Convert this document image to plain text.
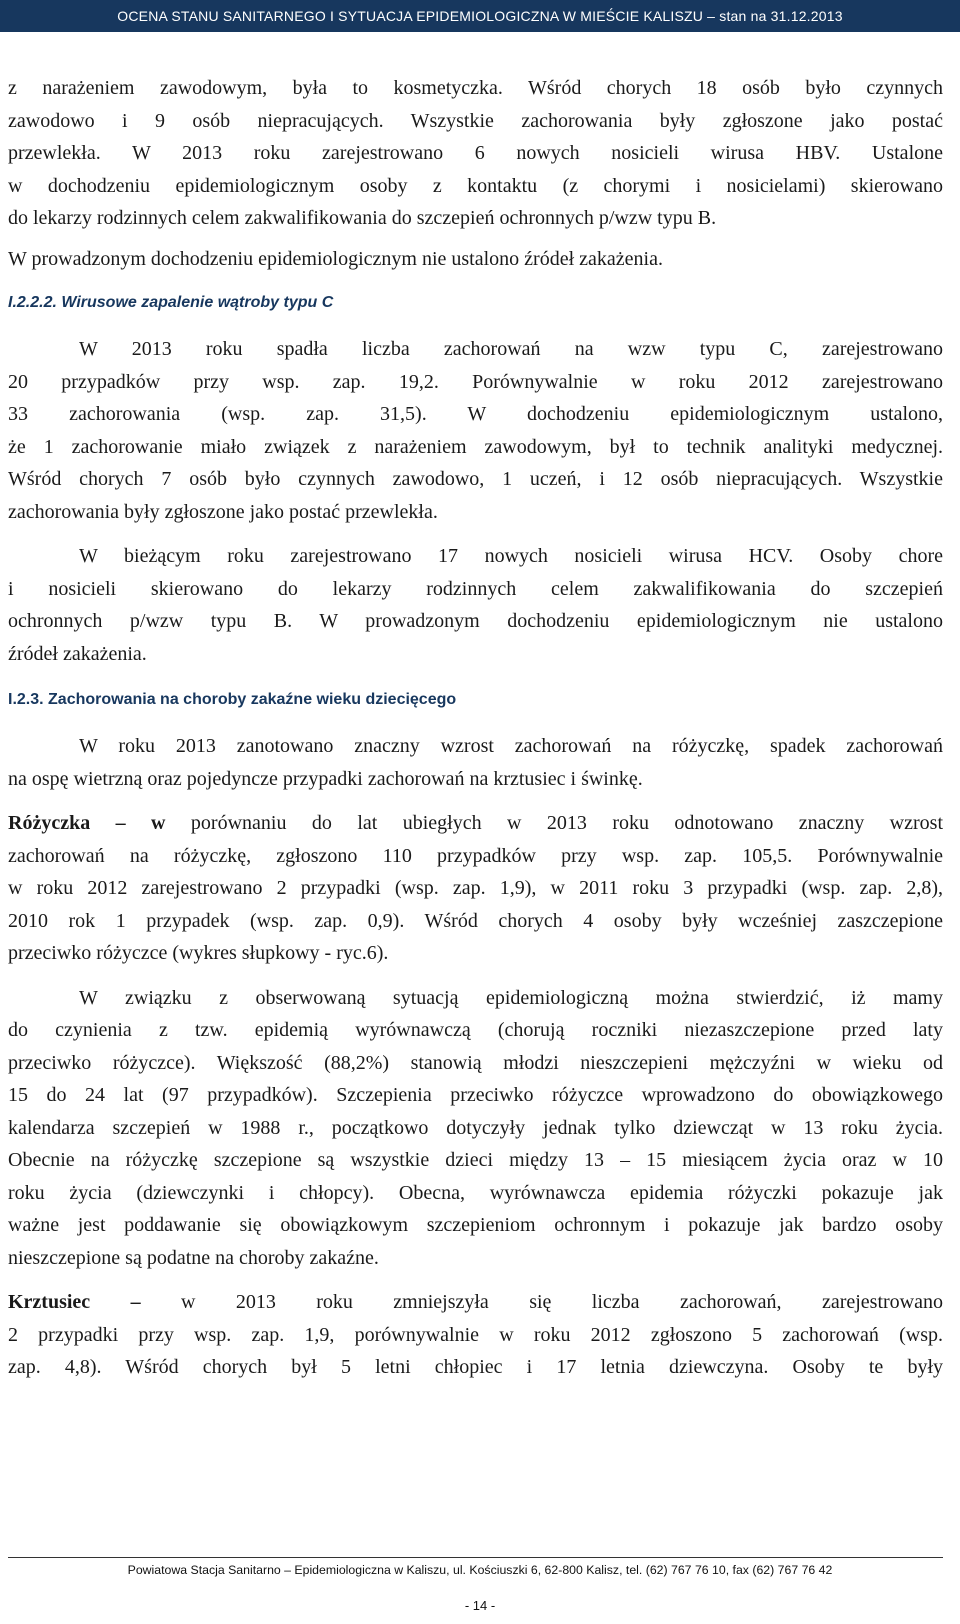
OCENA STANU SANITARNEGO I SYTUACJA EPIDEMIOLOGICZNA W MIEŚCIE KALISZU – stan na 31.12.2013

z narażeniem zawodowym, była to kosmetyczka. Wśród chorych 18 osób było czynnych

zawodowo i 9 osób niepracujących. Wszystkie zachorowania były zgłoszone jako postać

przewlekła. W 2013 roku zarejestrowano 6 nowych nosicieli wirusa HBV. Ustalone

w dochodzeniu epidemiologicznym osoby z kontaktu (z chorymi i nosicielami) skierowano

do lekarzy rodzinnych celem zakwalifikowania do szczepień ochronnych p/wzw typu B.

W prowadzonym dochodzeniu epidemiologicznym nie ustalono źródeł zakażenia.

I.2.2.2. Wirusowe zapalenie wątroby typu C

W 2013 roku spadła liczba zachorowań na wzw typu C, zarejestrowano

20 przypadków przy wsp. zap. 19,2. Porównywalnie w roku 2012 zarejestrowano

33 zachorowania (wsp. zap. 31,5). W dochodzeniu epidemiologicznym ustalono,

że 1 zachorowanie miało związek z narażeniem zawodowym, był to technik analityki medycznej.

Wśród chorych 7 osób było czynnych zawodowo, 1 uczeń, i 12 osób niepracujących. Wszystkie

zachorowania były zgłoszone jako postać przewlekła.

W bieżącym roku zarejestrowano 17 nowych nosicieli wirusa HCV. Osoby chore

i nosicieli skierowano do lekarzy rodzinnych celem zakwalifikowania do szczepień

ochronnych p/wzw typu B. W prowadzonym dochodzeniu epidemiologicznym nie ustalono

źródeł zakażenia.

I.2.3. Zachorowania na choroby zakaźne wieku dziecięcego

W roku 2013 zanotowano znaczny wzrost zachorowań na różyczkę, spadek zachorowań

na ospę wietrzną oraz pojedyncze przypadki zachorowań na krztusiec i świnkę.

Różyczka – w porównaniu do lat ubiegłych w 2013 roku odnotowano znaczny wzrost

zachorowań na różyczkę, zgłoszono 110 przypadków przy wsp. zap. 105,5. Porównywalnie

w roku 2012 zarejestrowano 2 przypadki (wsp. zap. 1,9), w 2011 roku 3 przypadki (wsp. zap. 2,8),

2010 rok 1 przypadek (wsp. zap. 0,9). Wśród chorych 4 osoby były wcześniej zaszczepione

przeciwko różyczce (wykres słupkowy - ryc.6).

W związku z obserwowaną sytuacją epidemiologiczną można stwierdzić, iż mamy

do czynienia z tzw. epidemią wyrównawczą (chorują roczniki niezaszczepione przed laty

przeciwko różyczce). Większość (88,2%) stanowią młodzi nieszczepieni mężczyźni w wieku od

15 do 24 lat (97 przypadków). Szczepienia przeciwko różyczce wprowadzono do obowiązkowego

kalendarza szczepień w 1988 r., początkowo dotyczyły jednak tylko dziewcząt w 13 roku życia.

Obecnie na różyczkę szczepione są wszystkie dzieci między 13 – 15 miesiącem życia oraz w 10

roku życia (dziewczynki i chłopcy). Obecna, wyrównawcza epidemia różyczki pokazuje jak

ważne jest poddawanie się obowiązkowym szczepieniom ochronnym i pokazuje jak bardzo osoby

nieszczepione są podatne na choroby zakaźne.

Krztusiec – w 2013 roku zmniejszyła się liczba zachorowań, zarejestrowano

2 przypadki przy wsp. zap. 1,9, porównywalnie w roku 2012 zgłoszono 5 zachorowań (wsp.

zap. 4,8). Wśród chorych był 5 letni chłopiec i 17 letnia dziewczyna. Osoby te były

Powiatowa Stacja Sanitarno – Epidemiologiczna w Kaliszu, ul. Kościuszki 6, 62-800 Kalisz, tel. (62) 767 76 10, fax (62) 767 76 42
- 14 -
